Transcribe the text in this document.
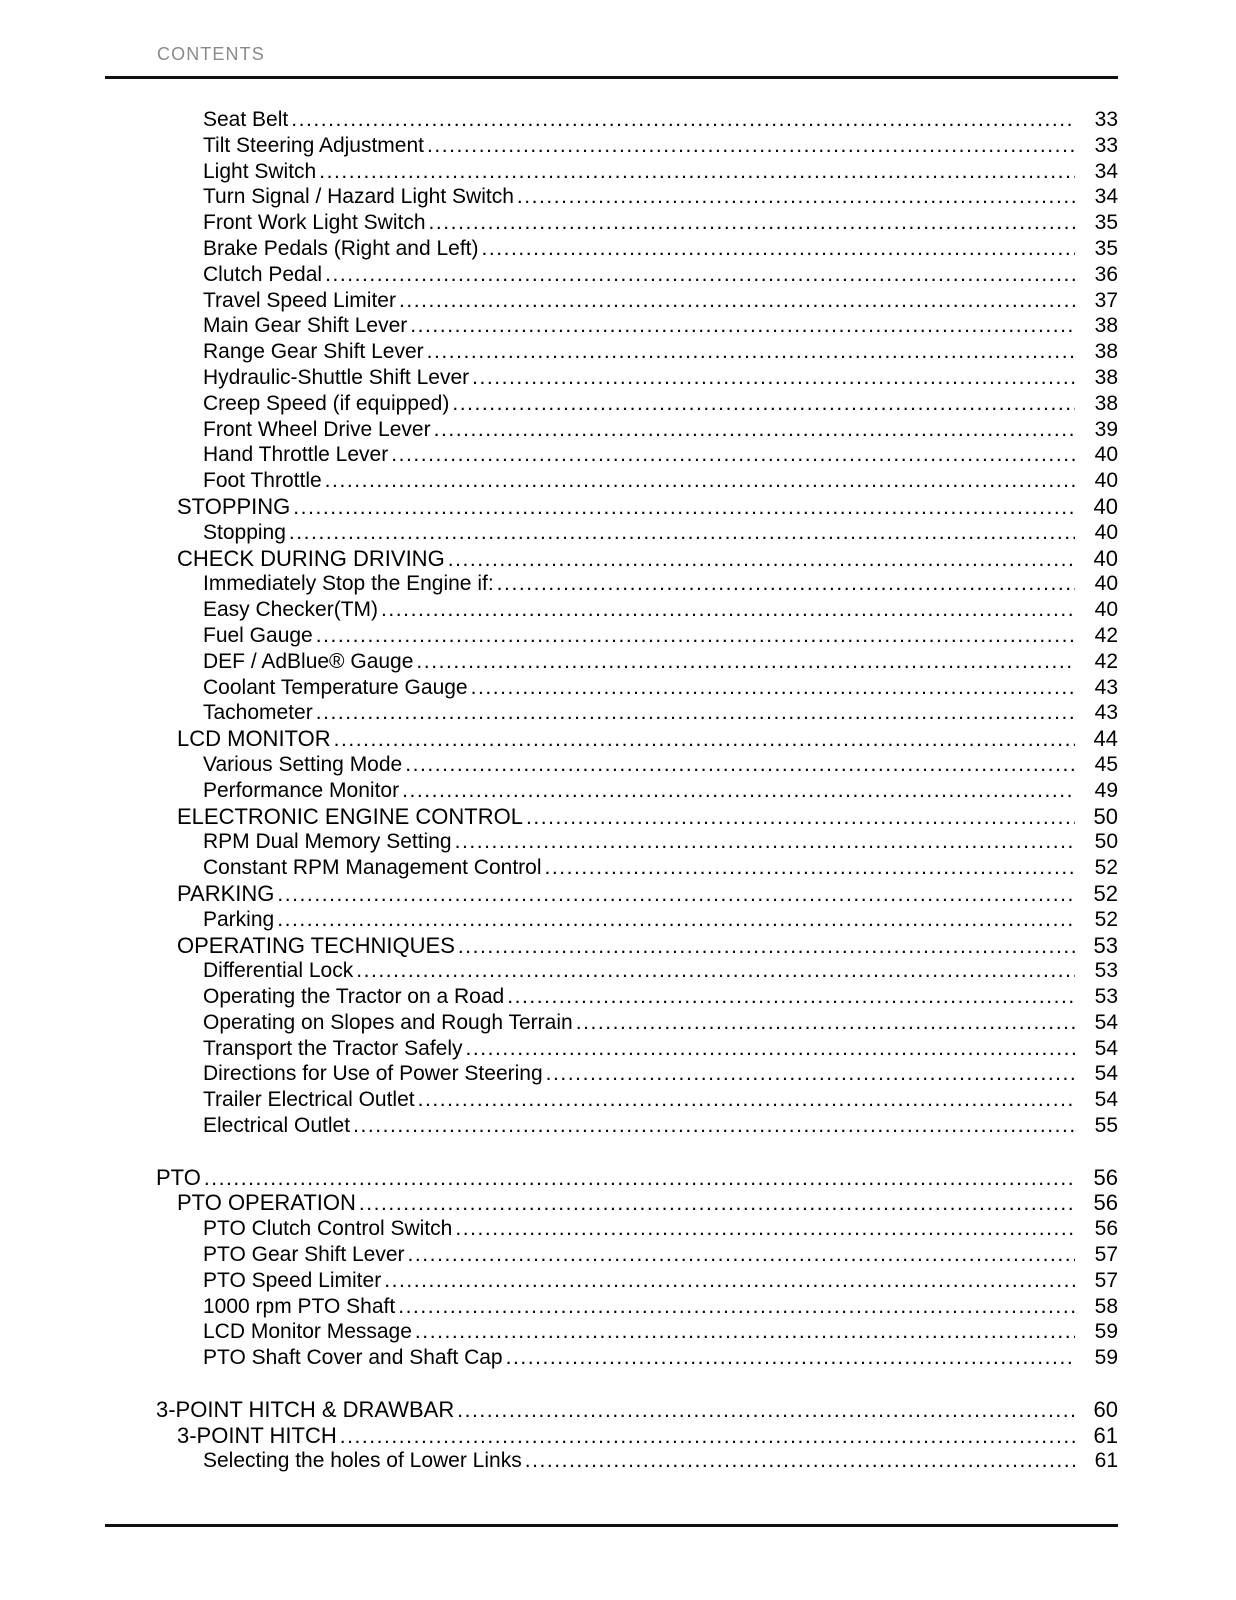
CONTENTS
Seat Belt .....	33
Tilt Steering Adjustment .....	33
Light Switch .....	34
Turn Signal / Hazard Light Switch .....	34
Front Work Light Switch .....	35
Brake Pedals (Right and Left) .....	35
Clutch Pedal .....	36
Travel Speed Limiter .....	37
Main Gear Shift Lever .....	38
Range Gear Shift Lever .....	38
Hydraulic-Shuttle Shift Lever .....	38
Creep Speed (if equipped) .....	38
Front Wheel Drive Lever .....	39
Hand Throttle Lever .....	40
Foot Throttle .....	40
STOPPING .....	40
Stopping .....	40
CHECK DURING DRIVING .....	40
Immediately Stop the Engine if: .....	40
Easy Checker(TM) .....	40
Fuel Gauge .....	42
DEF / AdBlue® Gauge .....	42
Coolant Temperature Gauge .....	43
Tachometer .....	43
LCD MONITOR .....	44
Various Setting Mode .....	45
Performance Monitor .....	49
ELECTRONIC ENGINE CONTROL .....	50
RPM Dual Memory Setting .....	50
Constant RPM Management Control .....	52
PARKING .....	52
Parking .....	52
OPERATING TECHNIQUES .....	53
Differential Lock .....	53
Operating the Tractor on a Road .....	53
Operating on Slopes and Rough Terrain .....	54
Transport the Tractor Safely .....	54
Directions for Use of Power Steering .....	54
Trailer Electrical Outlet .....	54
Electrical Outlet .....	55
PTO .....	56
PTO OPERATION .....	56
PTO Clutch Control Switch .....	56
PTO Gear Shift Lever .....	57
PTO Speed Limiter .....	57
1000 rpm PTO Shaft .....	58
LCD Monitor Message .....	59
PTO Shaft Cover and Shaft Cap .....	59
3-POINT HITCH & DRAWBAR .....	60
3-POINT HITCH .....	61
Selecting the holes of Lower Links .....	61
